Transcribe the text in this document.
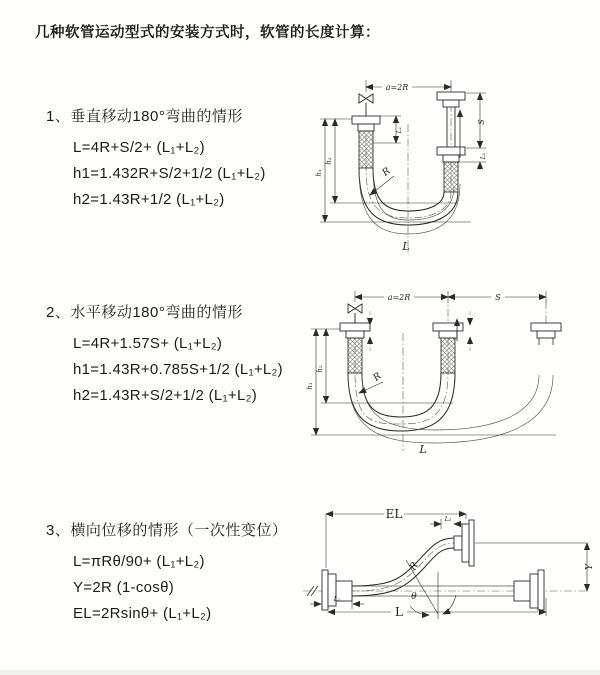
几种软管运动型式的安装方式时，软管的长度计算：
1、垂直移动180°弯曲的情形
L=4R+S/2+ (L₁+L₂)
h1=1.432R+S/2+1/2 (L₁+L₂)
h2=1.43R+1/2 (L₁+L₂)
2、水平移动180°弯曲的情形
L=4R+1.57S+ (L₁+L₂)
h1=1.43R+0.785S+1/2 (L₁+L₂)
h2=1.43R+S/2+1/2 (L₁+L₂)
3、横向位移的情形（一次性变位）
L=πRθ/90+ (L₁+L₂)
Y=2R (1-cosθ)
EL=2Rsinθ+ (L₁+L₂)
a=2R
S
L₂
L₁
h₁
h₂
R
L
a=2R	S
h₁
h₂
R
L
EL	L₂
Y
R
θ
L₁
L
